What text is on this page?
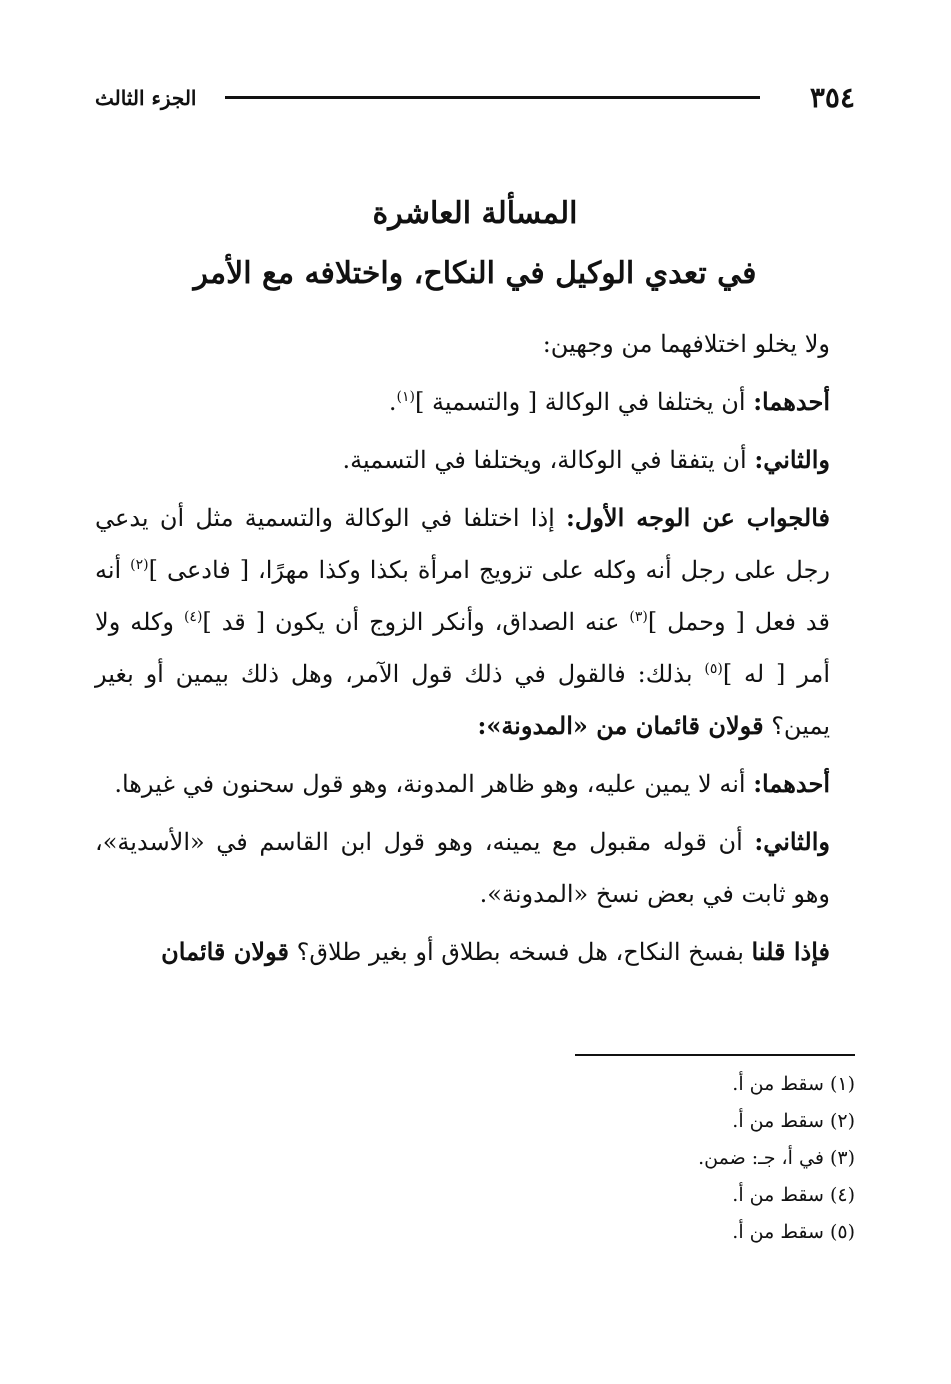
٣٥٤
الجزء الثالث
المسألة العاشرة
في تعدي الوكيل في النكاح، واختلافه مع الأمر

ولا يخلو اختلافهما من وجهين:

أحدهما: أن يختلفا في الوكالة [ والتسمية ]$^{(١)}$.

والثاني: أن يتفقا في الوكالة، ويختلفا في التسمية.

فالجواب عن الوجه الأول: إذا اختلفا في الوكالة والتسمية مثل أن يدعي رجل على رجل أنه وكله على تزويج امرأة بكذا وكذا مهرًا، [ فادعى ]$^{(٢)}$ أنه قد فعل [ وحمل ]$^{(٣)}$ عنه الصداق، وأنكر الزوج أن يكون [ قد ]$^{(٤)}$ وكله ولا أمر [ له ]$^{(٥)}$ بذلك: فالقول في ذلك قول الآمر، وهل ذلك بيمين أو بغير يمين؟ قولان قائمان من «المدونة»:

أحدهما: أنه لا يمين عليه، وهو ظاهر المدونة، وهو قول سحنون في غيرها.

والثاني: أن قوله مقبول مع يمينه، وهو قول ابن القاسم في «الأسدية»، وهو ثابت في بعض نسخ «المدونة».

فإذا قلنا بفسخ النكاح، هل فسخه بطلاق أو بغير طلاق؟ قولان قائمان

(١) سقط من أ.
(٢) سقط من أ.
(٣) في أ، جـ: ضمن.
(٤) سقط من أ.
(٥) سقط من أ.
